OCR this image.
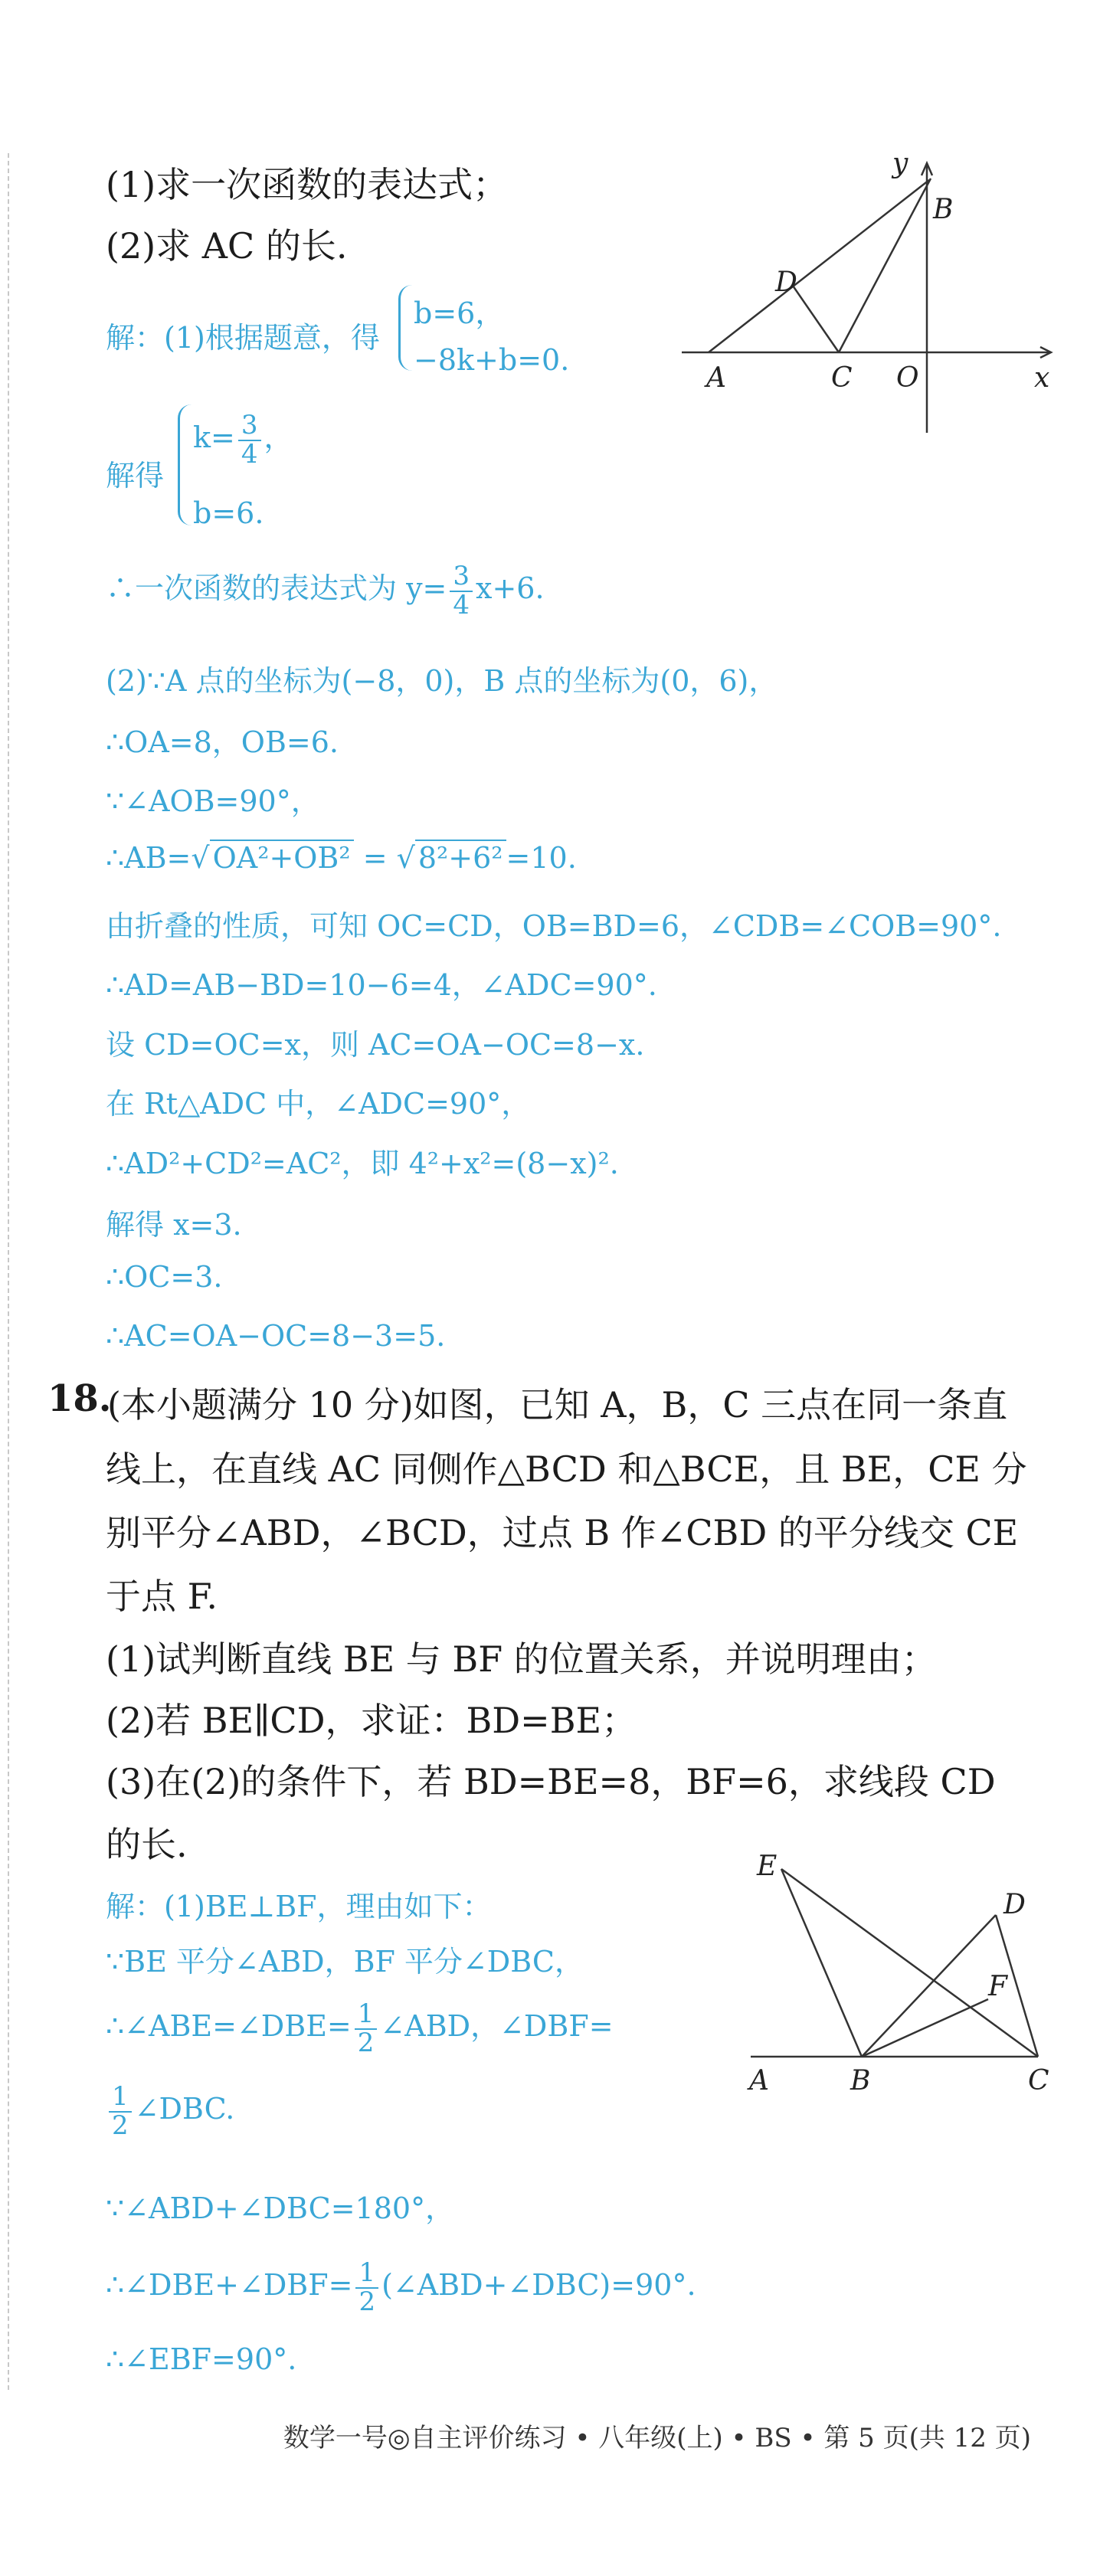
(1)求一次函数的表达式；
(2)求 AC 的长.
y
B
D
A	C O	x
解：(1)根据题意，得
b=6，
−8k+b=0.
解得
$k= \frac{3}{4}$ ，
b=6.
∴一次函数的表达式为 $y= \frac{3}{4} x+6$.
(2)∵A 点的坐标为(−8，0)，B 点的坐标为(0，6)，
∴OA=8，OB=6.
∵∠AOB=90°，
∴AB=√ OA²+OB² = √ 8²+6² =10.
由折叠的性质，可知 OC=CD，OB=BD=6，∠CDB=∠COB=90°.
∴AD=AB−BD=10−6=4，∠ADC=90°.
设 CD=OC=x，则 AC=OA−OC=8−x.
在 Rt△ADC 中，∠ADC=90°，
∴AD²+CD²=AC²，即 4²+x²=(8−x)².
解得 x=3.
∴OC=3.
∴AC=OA−OC=8−3=5.
18.
(本小题满分 10 分)如图，已知 A，B，C 三点在同一条直
线上，在直线 AC 同侧作△BCD 和△BCE，且 BE，CE 分
别平分∠ABD，∠BCD，过点 B 作∠CBD 的平分线交 CE
于点 F.
(1)试判断直线 BE 与 BF 的位置关系，并说明理由；
(2)若 BE∥CD，求证：BD=BE；
(3)在(2)的条件下，若 BD=BE=8，BF=6，求线段 CD
的长.
E
D
F
A	B	C
解：(1)BE⊥BF，理由如下：
∵BE 平分∠ABD，BF 平分∠DBC，
∴∠ABE=∠DBE= $\frac{1}{2}$ ∠ABD，∠DBF=
$\frac{1}{2}$ ∠DBC.
∵∠ABD+∠DBC=180°，
∴∠DBE+∠DBF= $\frac{1}{2}$ (∠ABD+∠DBC)=90°.
∴∠EBF=90°.
数学一号◎自主评价练习 • 八年级(上) • BS • 第 5 页(共 12 页)
